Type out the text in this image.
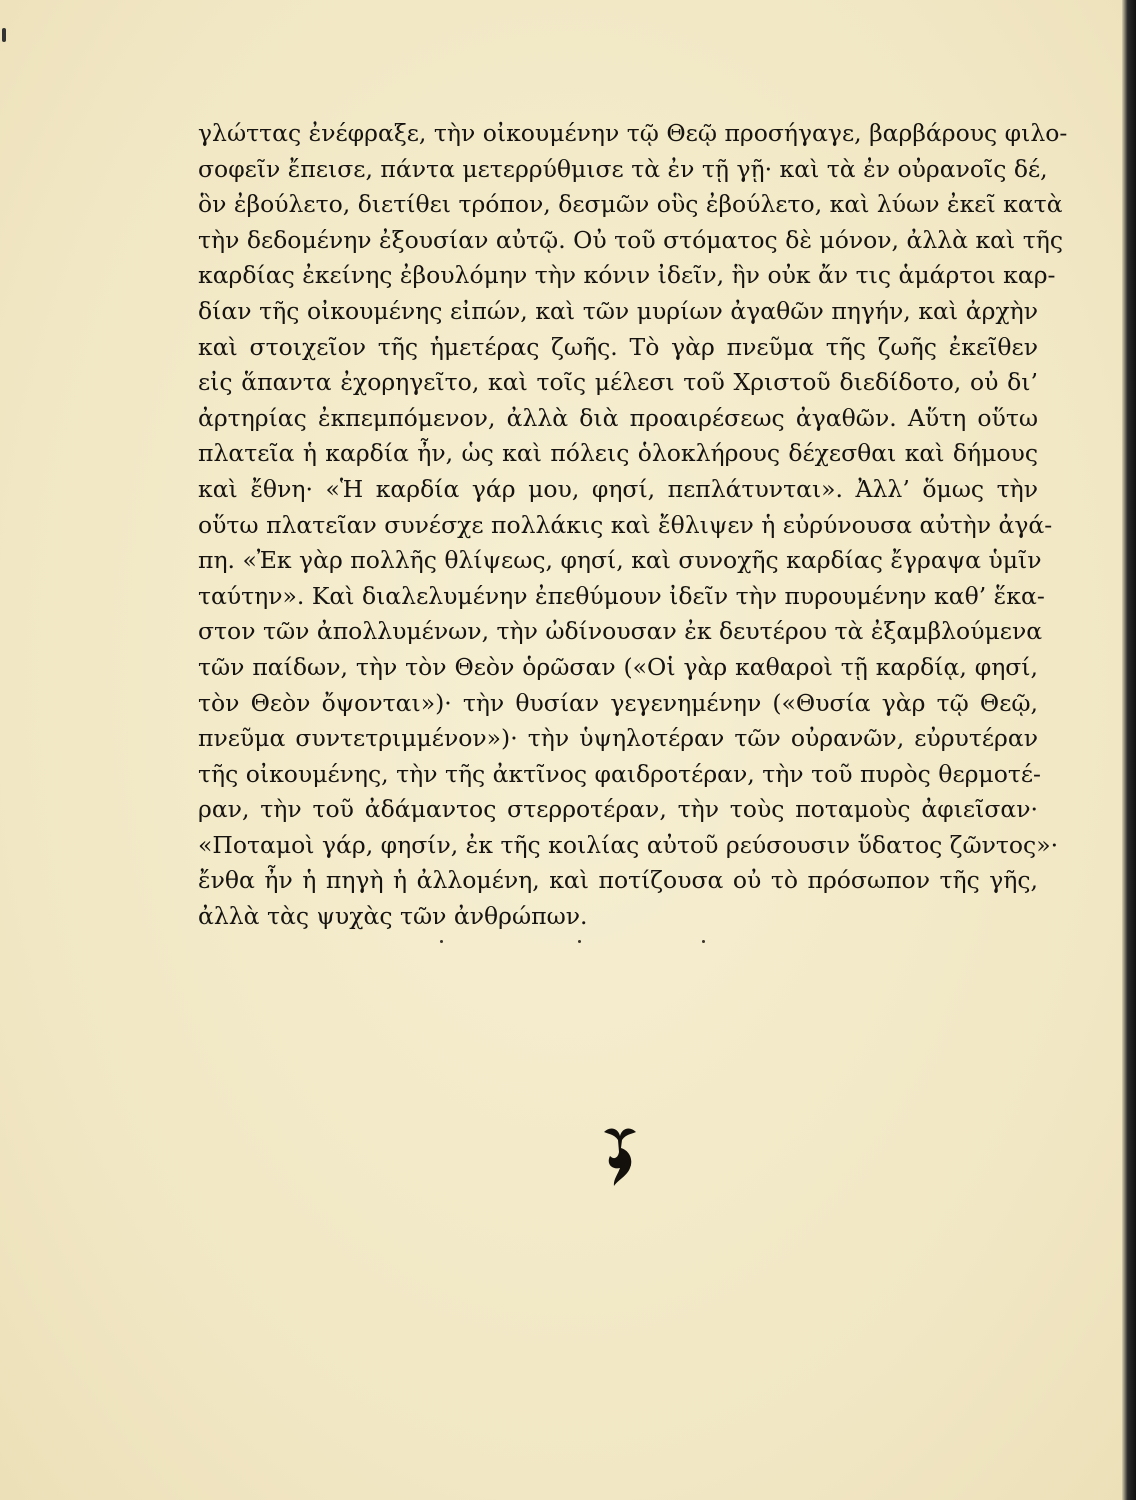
γλώττας ἐνέφραξε, τὴν οἰκουμένην τῷ Θεῷ προσήγαγε, βαρβάρους φιλο-
σοφεῖν ἔπεισε, πάντα μετερρύθμισε τὰ ἐν τῇ γῇ· καὶ τὰ ἐν οὐρανοῖς δέ,
ὃν ἐβούλετο, διετίθει τρόπον, δεσμῶν οὓς ἐβούλετο, καὶ λύων ἐκεῖ κατὰ
τὴν δεδομένην ἐξουσίαν αὐτῷ. Οὐ τοῦ στόματος δὲ μόνον, ἀλλὰ καὶ τῆς
καρδίας ἐκείνης ἐβουλόμην τὴν κόνιν ἰδεῖν, ἣν οὐκ ἄν τις ἁμάρτοι καρ-
δίαν τῆς οἰκουμένης εἰπών, καὶ τῶν μυρίων ἀγαθῶν πηγήν, καὶ ἀρχὴν
καὶ στοιχεῖον τῆς ἡμετέρας ζωῆς. Τὸ γὰρ πνεῦμα τῆς ζωῆς ἐκεῖθεν
εἰς ἅπαντα ἐχορηγεῖτο, καὶ τοῖς μέλεσι τοῦ Χριστοῦ διεδίδοτο, οὐ δι’
ἀρτηρίας ἐκπεμπόμενον, ἀλλὰ διὰ προαιρέσεως ἀγαθῶν. Αὕτη οὕτω
πλατεῖα ἡ καρδία ἦν, ὡς καὶ πόλεις ὁλοκλήρους δέχεσθαι καὶ δήμους
καὶ ἔθνη· «Ἡ καρδία γάρ μου, φησί, πεπλάτυνται». Ἀλλ’ ὅμως τὴν
οὕτω πλατεῖαν συνέσχε πολλάκις καὶ ἔθλιψεν ἡ εὐρύνουσα αὐτὴν ἀγά-
πη. «Ἐκ γὰρ πολλῆς θλίψεως, φησί, καὶ συνοχῆς καρδίας ἔγραψα ὑμῖν
ταύτην». Καὶ διαλελυμένην ἐπεθύμουν ἰδεῖν τὴν πυρουμένην καθ’ ἕκα-
στον τῶν ἀπολλυμένων, τὴν ὠδίνουσαν ἐκ δευτέρου τὰ ἐξαμβλούμενα
τῶν παίδων, τὴν τὸν Θεὸν ὁρῶσαν («Οἱ γὰρ καθαροὶ τῇ καρδίᾳ, φησί,
τὸν Θεὸν ὄψονται»)· τὴν θυσίαν γεγενημένην («Θυσία γὰρ τῷ Θεῷ,
πνεῦμα συντετριμμένον»)· τὴν ὑψηλοτέραν τῶν οὐρανῶν, εὐρυτέραν
τῆς οἰκουμένης, τὴν τῆς ἀκτῖνος φαιδροτέραν, τὴν τοῦ πυρὸς θερμοτέ-
ραν, τὴν τοῦ ἀδάμαντος στερροτέραν, τὴν τοὺς ποταμοὺς ἀφιεῖσαν·
«Ποταμοὶ γάρ, φησίν, ἐκ τῆς κοιλίας αὐτοῦ ρεύσουσιν ὕδατος ζῶντος»·
ἔνθα ἦν ἡ πηγὴ ἡ ἀλλομένη, καὶ ποτίζουσα οὐ τὸ πρόσωπον τῆς γῆς,
ἀλλὰ τὰς ψυχὰς τῶν ἀνθρώπων.
